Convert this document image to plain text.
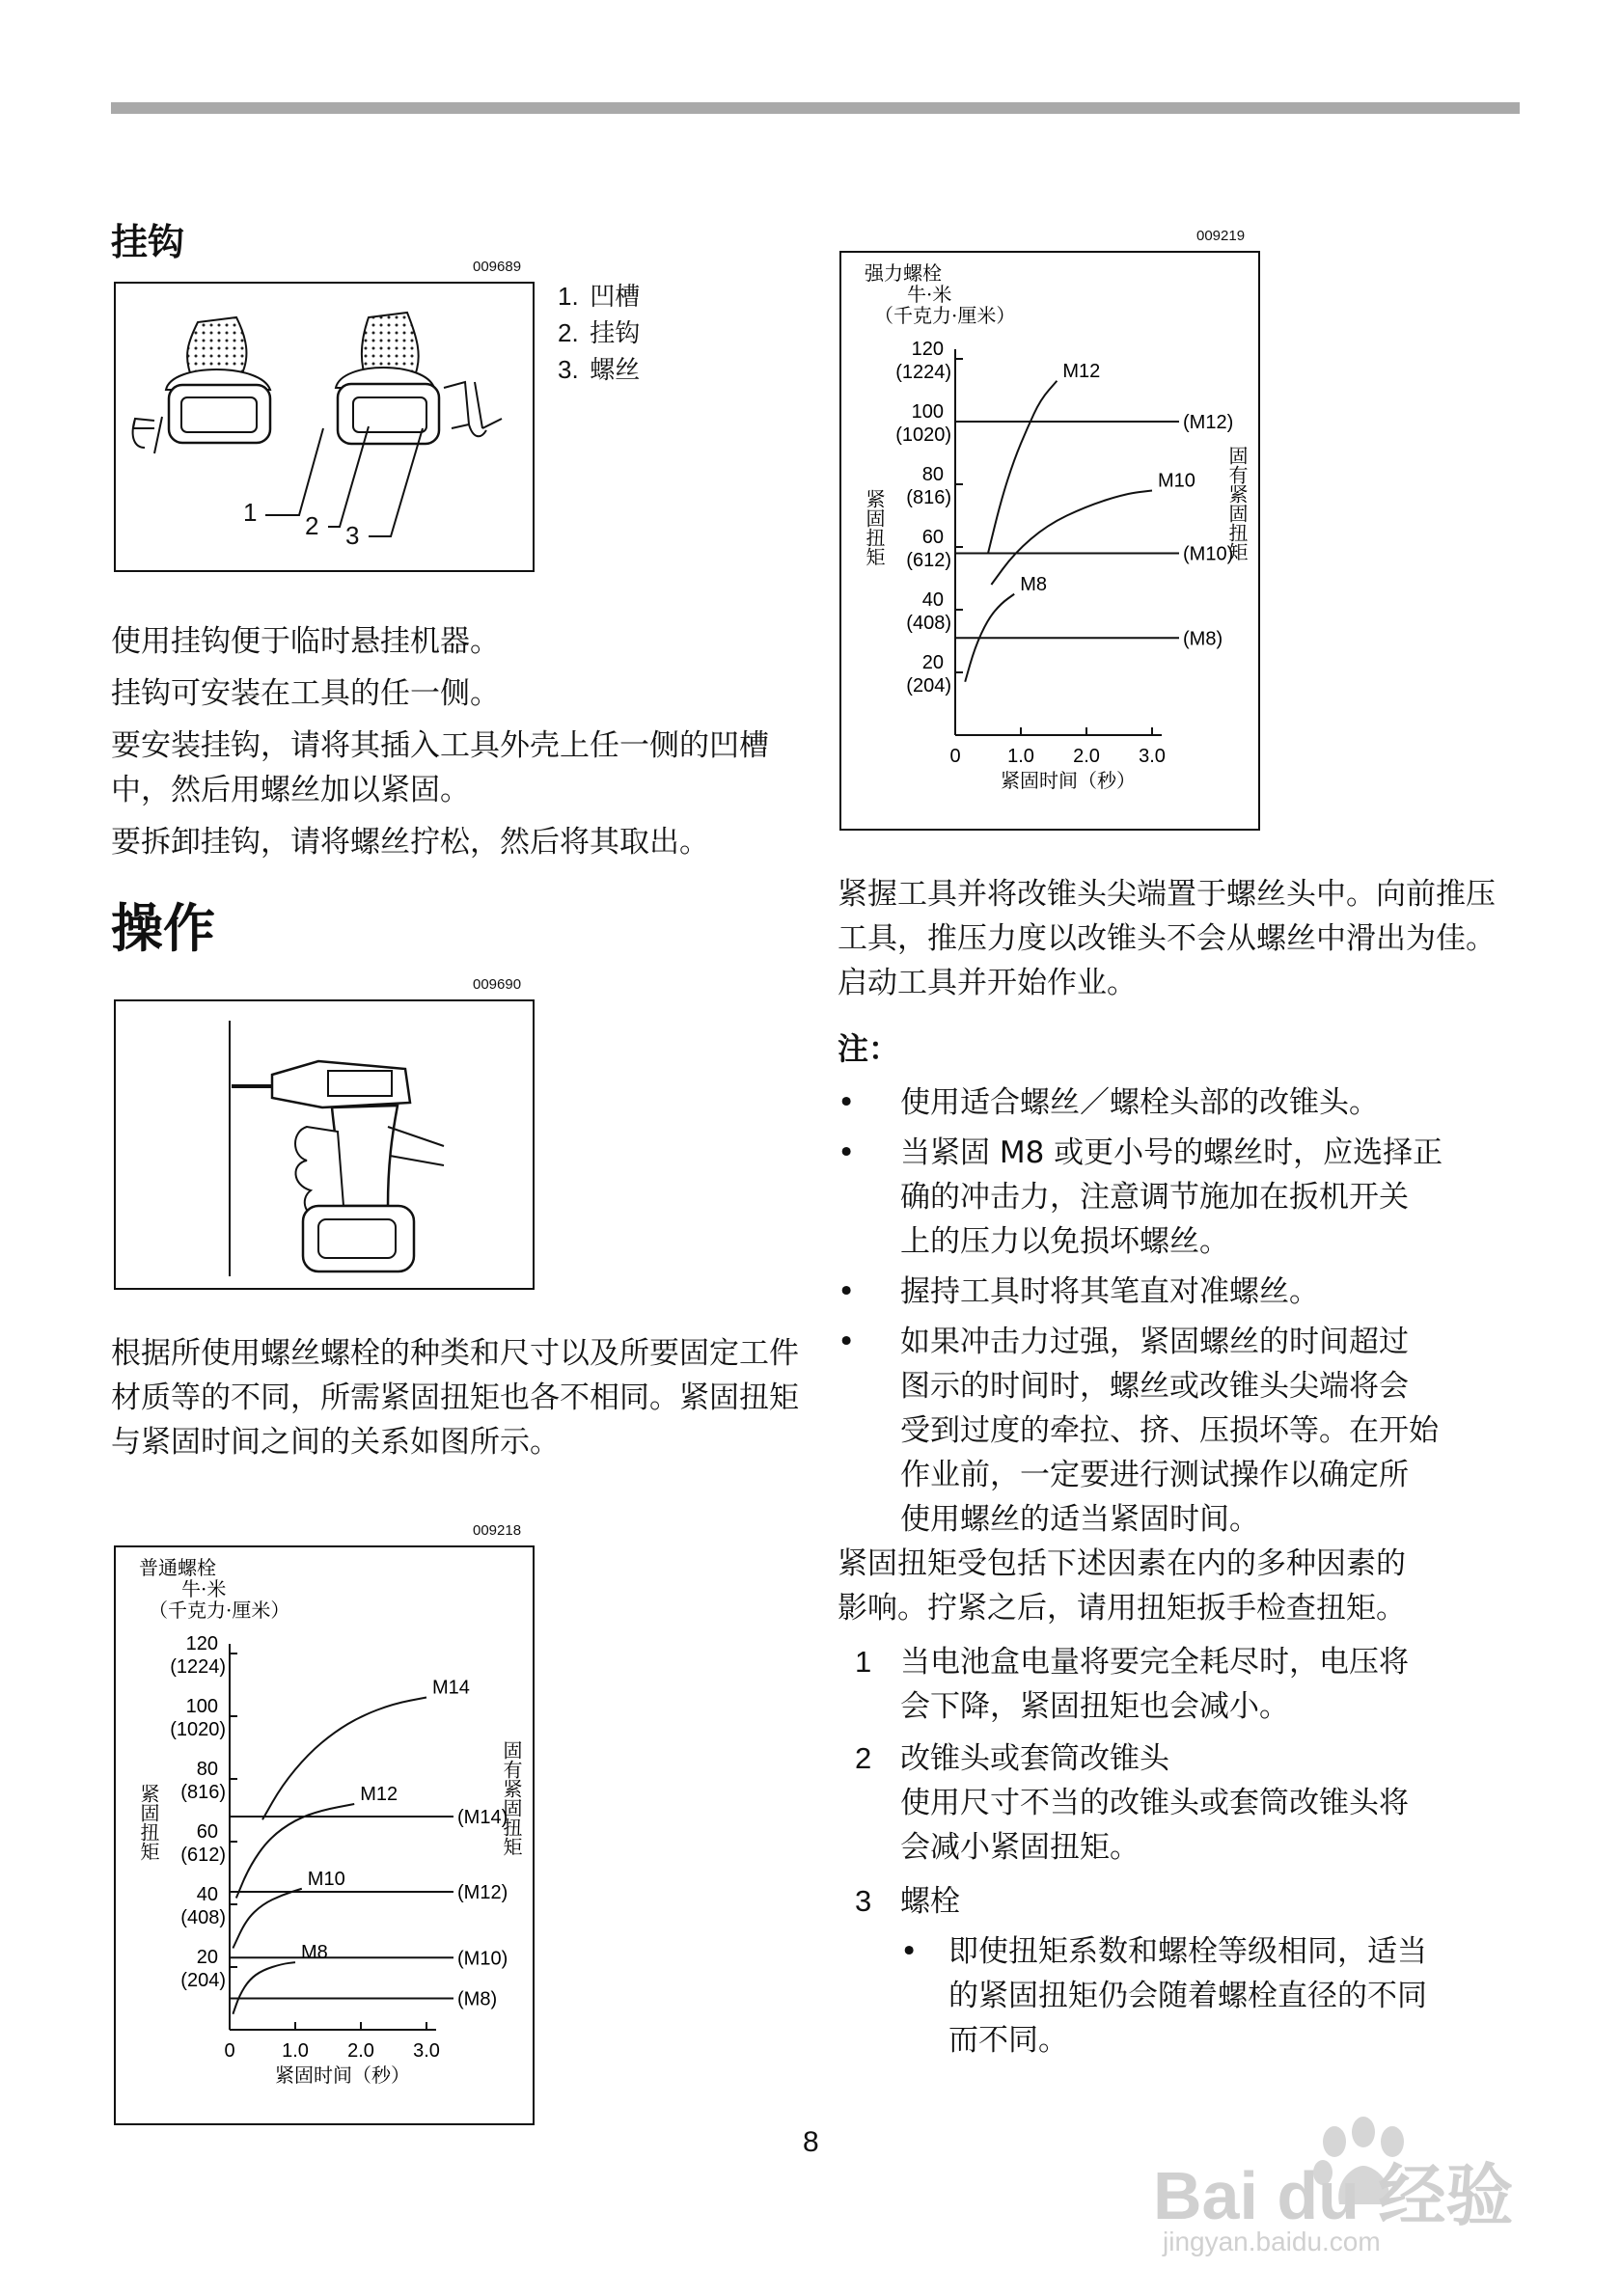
挂钩
009689
1 2 3
1. 凹槽
2. 挂钩
3. 螺丝

使用挂钩便于临时悬挂机器。

挂钩可安装在工具的任一侧。

要安装挂钩，请将其插入工具外壳上任一侧的凹槽中，然后用螺丝加以紧固。

要拆卸挂钩，请将螺丝拧松，然后将其取出。

操作
009690

根据所使用螺丝螺栓的种类和尺寸以及所要固定工件材质等的不同，所需紧固扭矩也各不相同。紧固扭矩与紧固时间之间的关系如图所示。

009218
普通螺栓
牛·米
（千克力·厘米）
20
(204)
40
(408)
60
(612)
80
(816)
100
(1020)
120
(1224)
0 1.0 2.0 3.0
紧固时间（秒）
紧固扭矩	固有紧固扭矩
(M14)
(M12)
(M10)
(M8)
M14
M12
M10
M8
009219
强力螺栓
牛·米
（千克力·厘米）
20
(204)
40
(408)
60
(612)
80
(816)
100
(1020)
120
(1224)
0 1.0 2.0 3.0
紧固时间（秒）
紧固扭矩	固有紧固扭矩
(M12)
(M10)
(M8)
M12
M10
M8

紧握工具并将改锥头尖端置于螺丝头中。向前推压工具，推压力度以改锥头不会从螺丝中滑出为佳。启动工具并开始作业。

注：
•	使用适合螺丝／螺栓头部的改锥头。
•	当紧固 M8 或更小号的螺丝时，应选择正
确的冲击力，注意调节施加在扳机开关
上的压力以免损坏螺丝。
•	握持工具时将其笔直对准螺丝。
•	如果冲击力过强，紧固螺丝的时间超过
图示的时间时，螺丝或改锥头尖端将会
受到过度的牵拉、挤、压损坏等。在开始
作业前，一定要进行测试操作以确定所
使用螺丝的适当紧固时间。
紧固扭矩受包括下述因素在内的多种因素的
影响。拧紧之后，请用扭矩扳手检查扭矩。
1 当电池盒电量将要完全耗尽时，电压将
会下降，紧固扭矩也会减小。
2 改锥头或套筒改锥头
使用尺寸不当的改锥头或套筒改锥头将
会减小紧固扭矩。
3 螺栓
•	即使扭矩系数和螺栓等级相同，适当
的紧固扭矩仍会随着螺栓直径的不同
而不同。
8
Bai du 经验
jingyan.baidu.com
